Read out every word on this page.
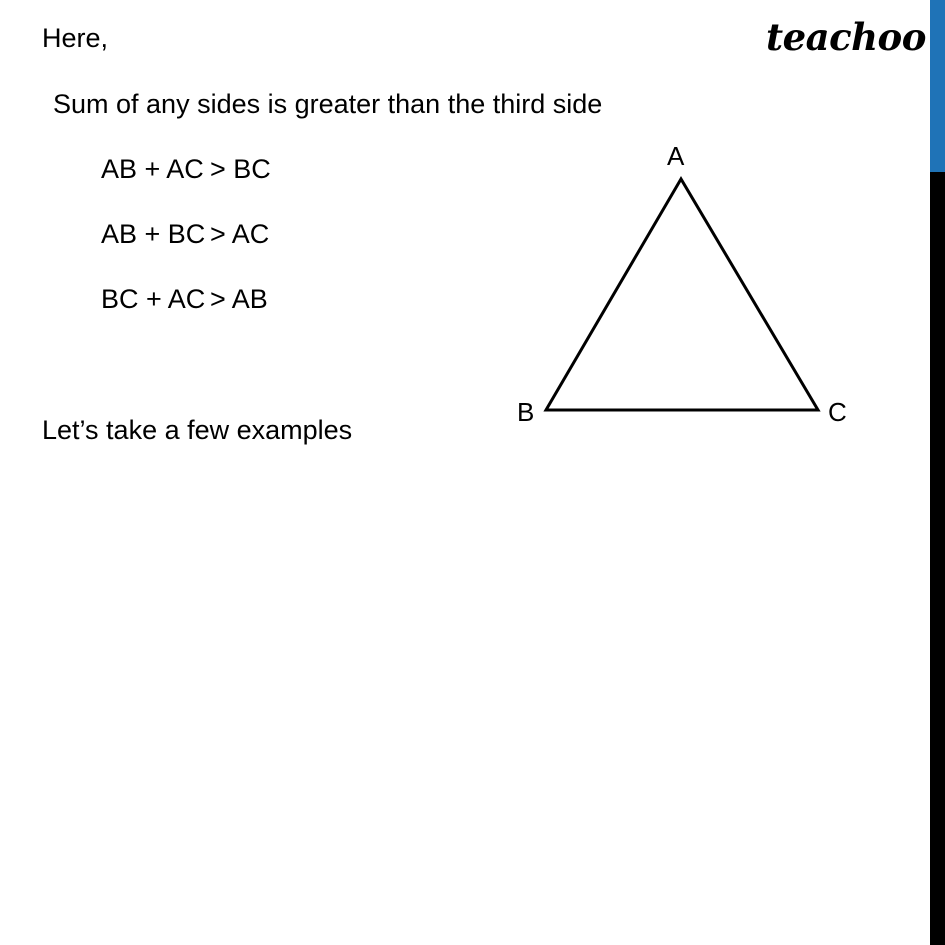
Here,	teachoo
Sum of any sides is greater than the third side
AB + AC > BC
AB + BC > AC
BC + AC > AB
Let’s take a few examples
A
B	C
